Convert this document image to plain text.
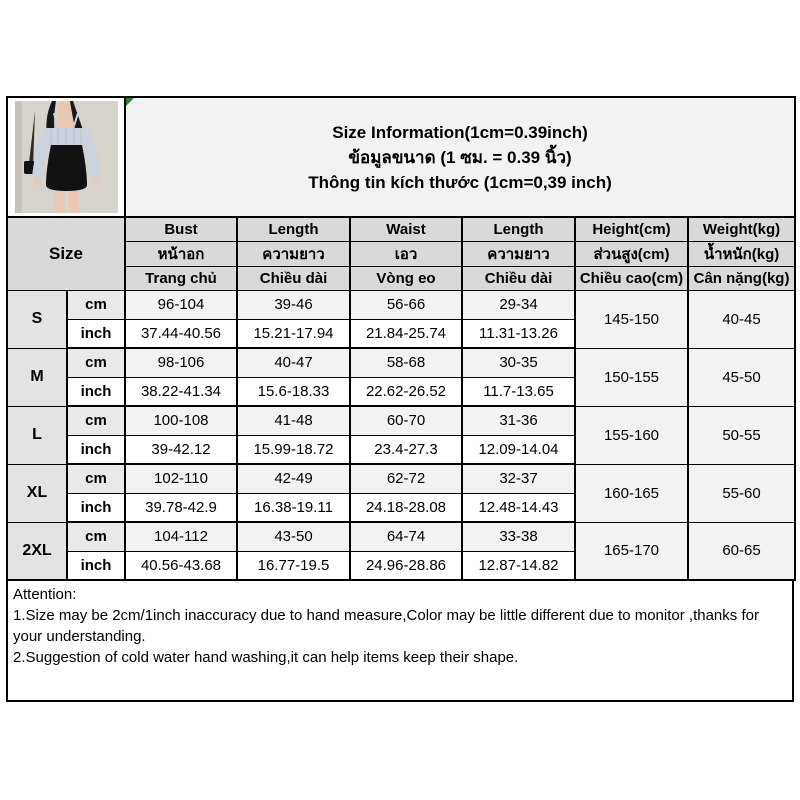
Size Information(1cm=0.39inch)
ข้อมูลขนาด (1 ซม. = 0.39 นิ้ว)
Thông tin kích thước (1cm=0,39 inch)					

Size		Bust	Length	Waist	Length	Height(cm)	Weight(kg)
		หน้าอก	ความยาว	เอว	ความยาว	ส่วนสูง(cm)	น้ำหนัก(kg)
		Trang chủ	Chiều dài	Vòng eo	Chiều dài	Chiều cao(cm)	Cân nặng(kg)
S	cm	96-104	39-46	56-66	29-34	145-150	40-45
	inch	37.44-40.56	15.21-17.94	21.84-25.74	11.31-13.26		
M	cm	98-106	40-47	58-68	30-35	150-155	45-50
	inch	38.22-41.34	15.6-18.33	22.62-26.52	11.7-13.65		
L	cm	100-108	41-48	60-70	31-36	155-160	50-55
	inch	39-42.12	15.99-18.72	23.4-27.3	12.09-14.04		
XL	cm	102-110	42-49	62-72	32-37	160-165	55-60
	inch	39.78-42.9	16.38-19.11	24.18-28.08	12.48-14.43		
2XL	cm	104-112	43-50	64-74	33-38	165-170	60-65
	inch	40.56-43.68	16.77-19.5	24.96-28.86	12.87-14.82		
Attention:
1.Size may be 2cm/1inch inaccuracy due to hand measure,Color may be little different due to monitor ,thanks for your understanding.
2.Suggestion of cold water hand washing,it can help items keep their shape.
